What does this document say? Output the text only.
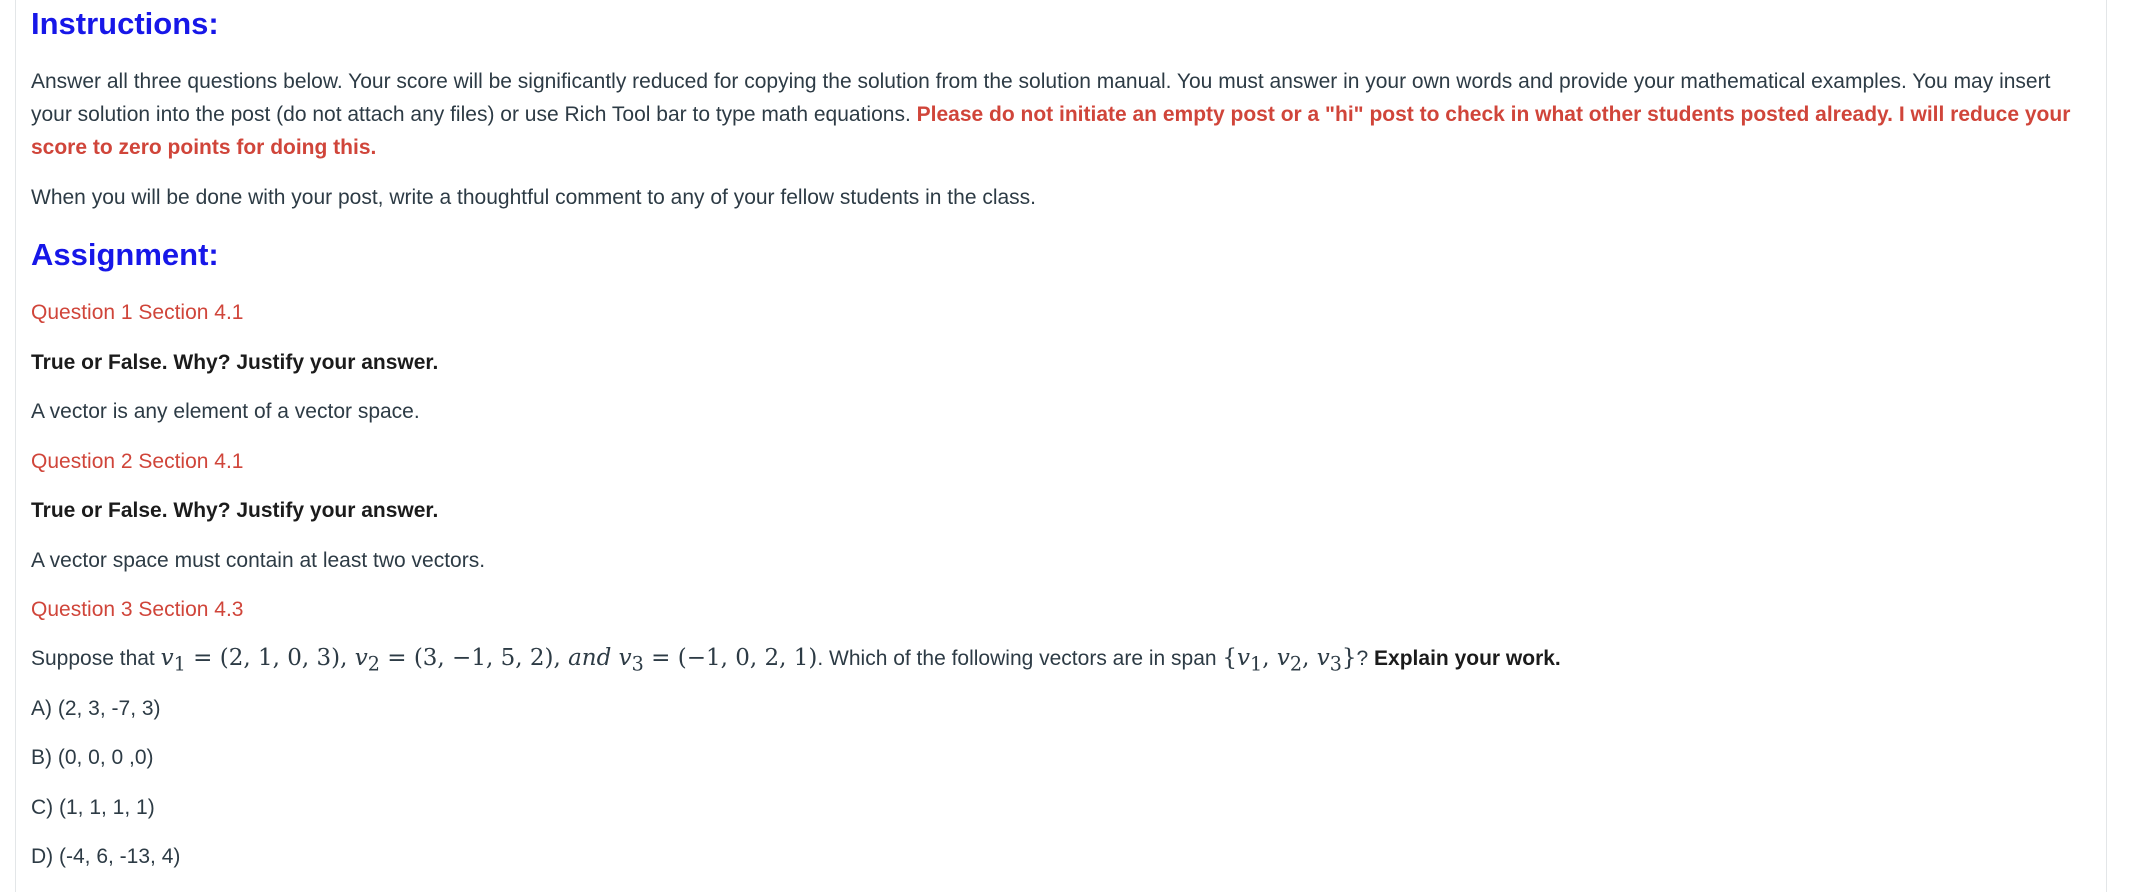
Instructions:

Answer all three questions below. Your score will be significantly reduced for copying the solution from the solution manual. You must answer in your own words and provide your mathematical examples. You may insert your solution into the post (do not attach any files) or use Rich Tool bar to type math equations. Please do not initiate an empty post or a "hi" post to check in what other students posted already. I will reduce your score to zero points for doing this.

When you will be done with your post, write a thoughtful comment to any of your fellow students in the class.

Assignment:

Question 1 Section 4.1

True or False. Why? Justify your answer.

A vector is any element of a vector space.

Question 2 Section 4.1

True or False. Why? Justify your answer.

A vector space must contain at least two vectors.

Question 3 Section 4.3

Suppose that $v_1 = (2$, 1, 0, 3), $v_2 = (3$, −1, 5, 2), and $v_3 = (-1$, 0, 2, 1). Which of the following vectors are in span {$v_1$, $v_2$, $v_3$}? Explain your work.

A) (2, 3, -7, 3)

B) (0, 0, 0 ,0)

C) (1, 1, 1, 1)

D) (-4, 6, -13, 4)
